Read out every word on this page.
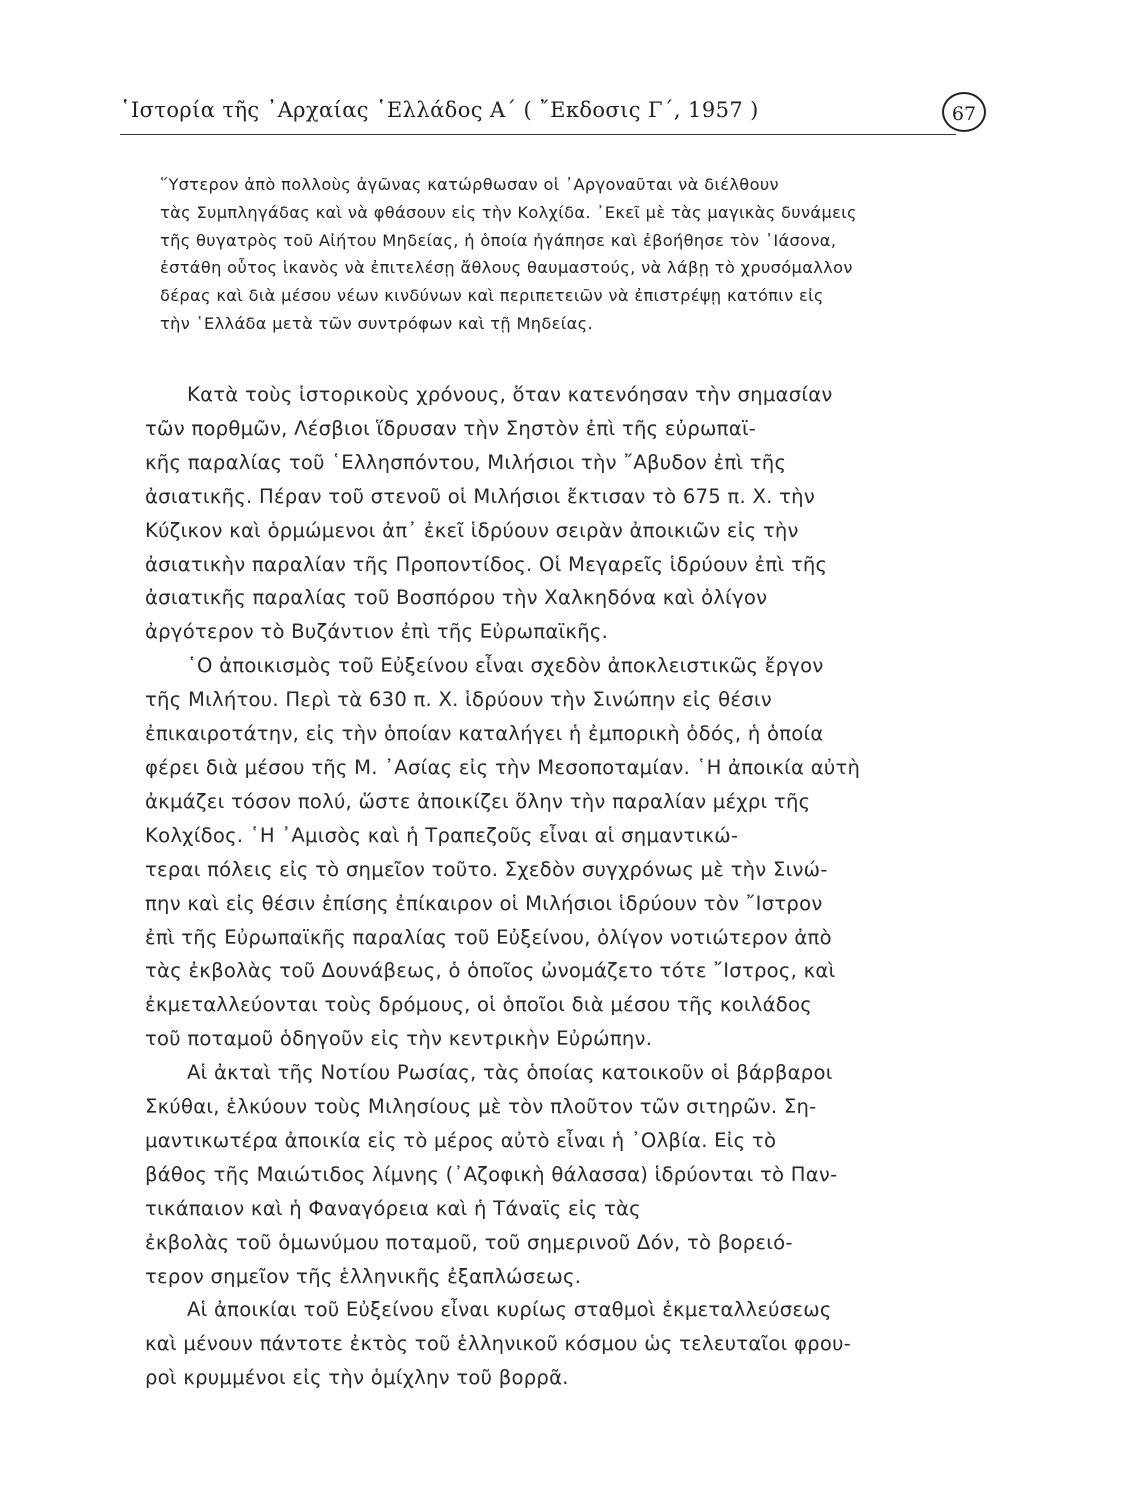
῾Ιστορία τῆς ᾿Αρχαίας ῾Ελλάδος Α΄ ( ῎Εκδοσις Γ΄, 1957 )	67
῞Υστερον ἀπὸ πολλοὺς ἀγῶνας κατώρθωσαν οἱ ᾿Αργοναῦται νὰ διέλθουν
τὰς Συμπληγάδας καὶ νὰ φθάσουν εἰς τὴν Κολχίδα. ᾿Εκεῖ μὲ τὰς μαγικὰς δυνάμεις
τῆς θυγατρὸς τοῦ Αἰήτου Μηδείας, ἡ ὁποία ἠγάπησε καὶ ἐβοήθησε τὸν ᾿Ιάσονα,
ἐστάθη οὗτος ἱκανὸς νὰ ἐπιτελέσῃ ἄθλους θαυμαστούς, νὰ λάβῃ τὸ χρυσόμαλλον
δέρας καὶ διὰ μέσου νέων κινδύνων καὶ περιπετειῶν νὰ ἐπιστρέψῃ κατόπιν εἰς
τὴν ῾Ελλάδα μετὰ τῶν συντρόφων καὶ τῇ Μηδείας.
Κατὰ τοὺς ἱστορικοὺς χρόνους, ὅταν κατενόησαν τὴν σημασίαν
τῶν πορθμῶν, Λέσβιοι ἵδρυσαν τὴν Σηστὸν ἐπὶ τῆς εὐρωπαϊ-
κῆς παραλίας τοῦ ῾Ελλησπόντου, Μιλήσιοι τὴν ῎Αβυδον ἐπὶ τῆς
ἀσιατικῆς. Πέραν τοῦ στενοῦ οἱ Μιλήσιοι ἔκτισαν τὸ 675 π. Χ. τὴν
Κύζικον καὶ ὁρμώμενοι ἀπ᾿ ἐκεῖ ἱδρύουν σειρὰν ἀποικιῶν εἰς τὴν
ἀσιατικὴν παραλίαν τῆς Προποντίδος. Οἱ Μεγαρεῖς ἱδρύουν ἐπὶ τῆς
ἀσιατικῆς παραλίας τοῦ Βοσπόρου τὴν Χαλκηδόνα καὶ ὀλίγον
ἀργότερον τὸ Βυζάντιον ἐπὶ τῆς Εὐρωπαϊκῆς.
῾Ο ἀποικισμὸς τοῦ Εὐξείνου εἶναι σχεδὸν ἀποκλειστικῶς ἔργον
τῆς Μιλήτου. Περὶ τὰ 630 π. Χ. ἱδρύουν τὴν Σινώπην εἰς θέσιν
ἐπικαιροτάτην, εἰς τὴν ὁποίαν καταλήγει ἡ ἐμπορικὴ ὁδός, ἡ ὁποία
φέρει διὰ μέσου τῆς Μ. ᾿Ασίας εἰς τὴν Μεσοποταμίαν. ῾Η ἀποικία αὐτὴ
ἀκμάζει τόσον πολύ, ὥστε ἀποικίζει ὅλην τὴν παραλίαν μέχρι τῆς
Κολχίδος. ῾Η ᾿Αμισὸς καὶ ἡ Τραπεζοῦς εἶναι αἱ σημαντικώ-
τεραι πόλεις εἰς τὸ σημεῖον τοῦτο. Σχεδὸν συγχρόνως μὲ τὴν Σινώ-
πην καὶ εἰς θέσιν ἐπίσης ἐπίκαιρον οἱ Μιλήσιοι ἱδρύουν τὸν ῎Ιστρον
ἐπὶ τῆς Εὐρωπαϊκῆς παραλίας τοῦ Εὐξείνου, ὀλίγον νοτιώτερον ἀπὸ
τὰς ἐκβολὰς τοῦ Δουνάβεως, ὁ ὁποῖος ὠνομάζετο τότε ῎Ιστρος, καὶ
ἐκμεταλλεύονται τοὺς δρόμους, οἱ ὁποῖοι διὰ μέσου τῆς κοιλάδος
τοῦ ποταμοῦ ὁδηγοῦν εἰς τὴν κεντρικὴν Εὐρώπην.
Αἱ ἀκταὶ τῆς Νοτίου Ρωσίας, τὰς ὁποίας κατοικοῦν οἱ βάρβαροι
Σκύθαι, ἑλκύουν τοὺς Μιλησίους μὲ τὸν πλοῦτον τῶν σιτηρῶν. Ση-
μαντικωτέρα ἀποικία εἰς τὸ μέρος αὐτὸ εἶναι ἡ ᾿Ολβία. Εἰς τὸ
βάθος τῆς Μαιώτιδος λίμνης (᾿Αζοφικὴ θάλασσα) ἱδρύονται τὸ Παν-
τικάπαιον καὶ ἡ Φαναγόρεια καὶ ἡ Τάναϊς εἰς τὰς
ἐκβολὰς τοῦ ὁμωνύμου ποταμοῦ, τοῦ σημερινοῦ Δόν, τὸ βορειό-
τερον σημεῖον τῆς ἑλληνικῆς ἐξαπλώσεως.
Αἱ ἀποικίαι τοῦ Εὐξείνου εἶναι κυρίως σταθμοὶ ἐκμεταλλεύσεως
καὶ μένουν πάντοτε ἐκτὸς τοῦ ἑλληνικοῦ κόσμου ὡς τελευταῖοι φρου-
ροὶ κρυμμένοι εἰς τὴν ὁμίχλην τοῦ βορρᾶ.
